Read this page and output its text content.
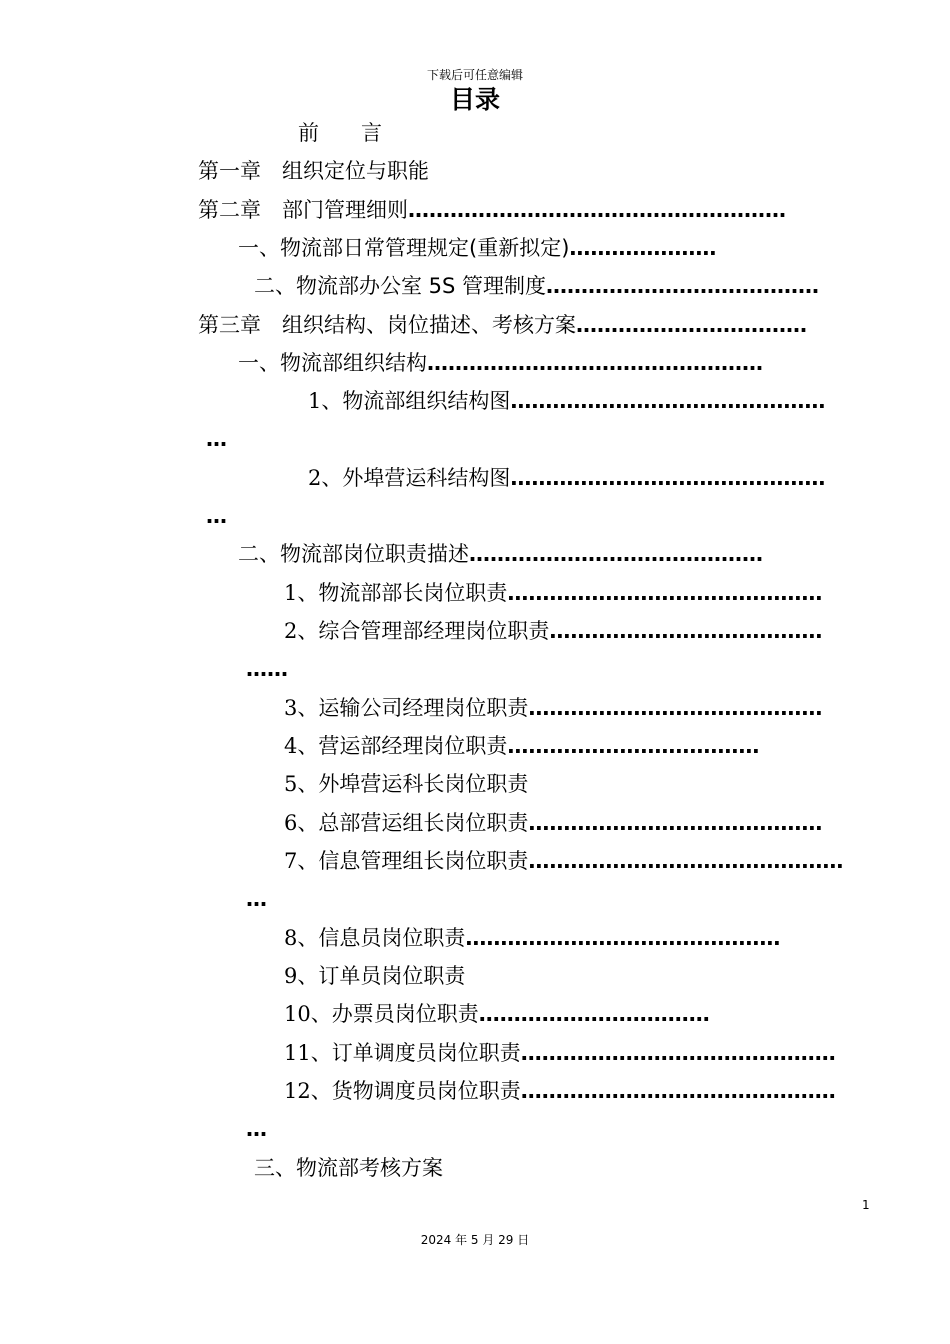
下载后可任意编辑
目录
前　　言
第一章　组织定位与职能
第二章　部门管理细则………………………………………………
一、物流部日常管理规定(重新拟定)…………………
二、物流部办公室 5S 管理制度…………………………………
第三章　组织结构、岗位描述、考核方案……………………………
一、物流部组织结构…………………………………………
1、物流部组织结构图………………………………………
…
2、外埠营运科结构图………………………………………
…
二、物流部岗位职责描述……………………………………
1、物流部部长岗位职责………………………………………
2、综合管理部经理岗位职责…………………………………
……
3、运输公司经理岗位职责……………………………………
4、营运部经理岗位职责………………………………
5、外埠营运科长岗位职责
6、总部营运组长岗位职责……………………………………
7、信息管理组长岗位职责………………………………………
…
8、信息员岗位职责………………………………………
9、订单员岗位职责
10、办票员岗位职责……………………………
11、订单调度员岗位职责………………………………………
12、货物调度员岗位职责………………………………………
…
三、物流部考核方案
1
2024 年 5 月 29 日
